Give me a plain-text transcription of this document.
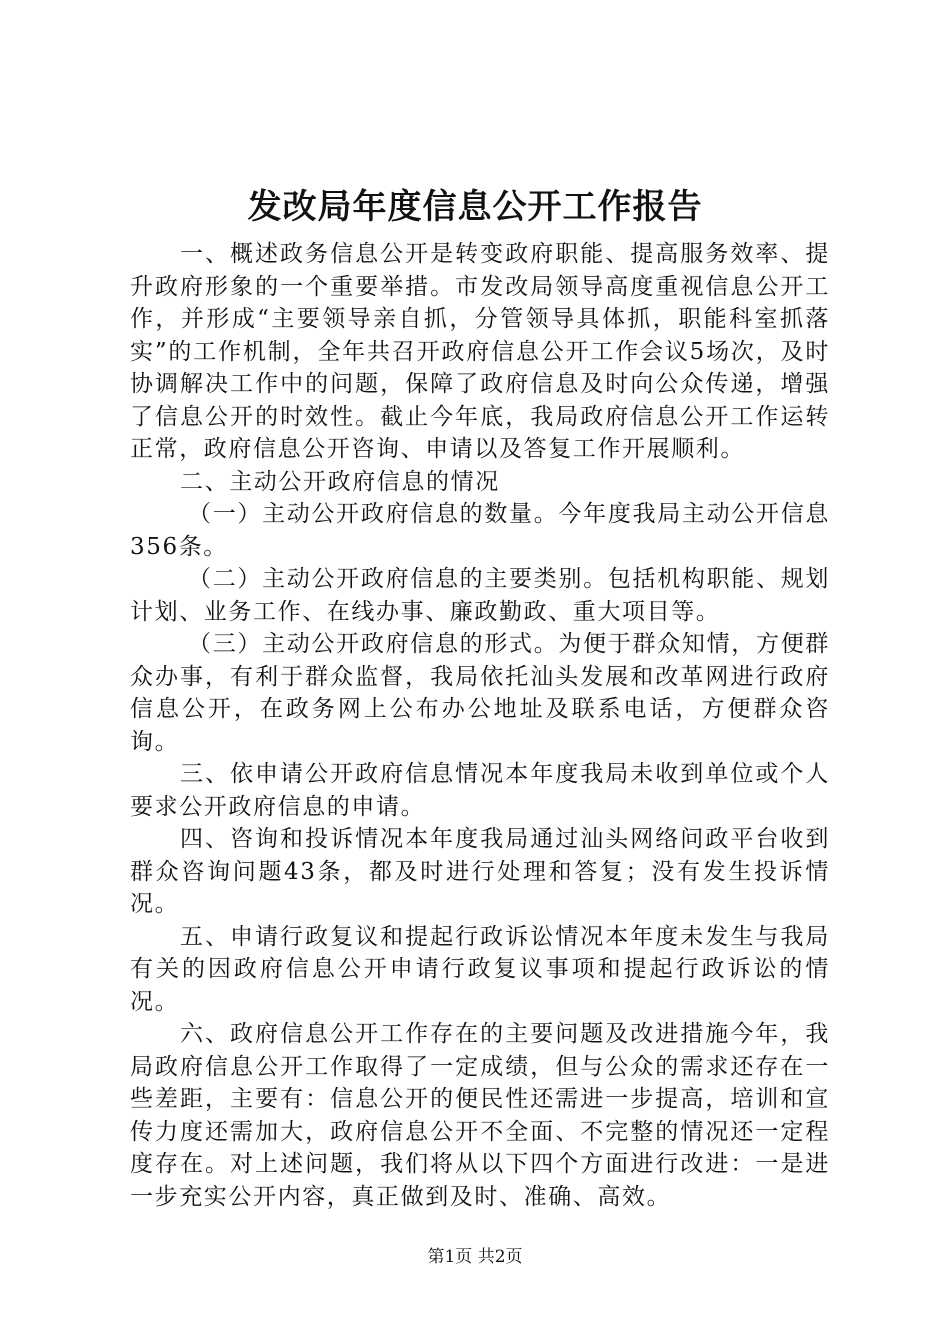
发改局年度信息公开工作报告

一、概述政务信息公开是转变政府职能、提高服务效率、提升政府形象的一个重要举措。市发改局领导高度重视信息公开工作，并形成“主要领导亲自抓，分管领导具体抓，职能科室抓落实”的工作机制，全年共召开政府信息公开工作会议5场次，及时协调解决工作中的问题，保障了政府信息及时向公众传递，增强了信息公开的时效性。截止今年底，我局政府信息公开工作运转正常，政府信息公开咨询、申请以及答复工作开展顺利。

二、主动公开政府信息的情况

（一）主动公开政府信息的数量。今年度我局主动公开信息356条。

（二）主动公开政府信息的主要类别。包括机构职能、规划计划、业务工作、在线办事、廉政勤政、重大项目等。

（三）主动公开政府信息的形式。为便于群众知情，方便群众办事，有利于群众监督，我局依托汕头发展和改革网进行政府信息公开，在政务网上公布办公地址及联系电话，方便群众咨询。

三、依申请公开政府信息情况本年度我局未收到单位或个人要求公开政府信息的申请。

四、咨询和投诉情况本年度我局通过汕头网络问政平台收到群众咨询问题43条，都及时进行处理和答复；没有发生投诉情况。

五、申请行政复议和提起行政诉讼情况本年度未发生与我局有关的因政府信息公开申请行政复议事项和提起行政诉讼的情况。

六、政府信息公开工作存在的主要问题及改进措施今年，我局政府信息公开工作取得了一定成绩，但与公众的需求还存在一些差距，主要有：信息公开的便民性还需进一步提高，培训和宣传力度还需加大，政府信息公开不全面、不完整的情况还一定程度存在。对上述问题，我们将从以下四个方面进行改进：一是进一步充实公开内容，真正做到及时、准确、高效。

第1页 共2页
